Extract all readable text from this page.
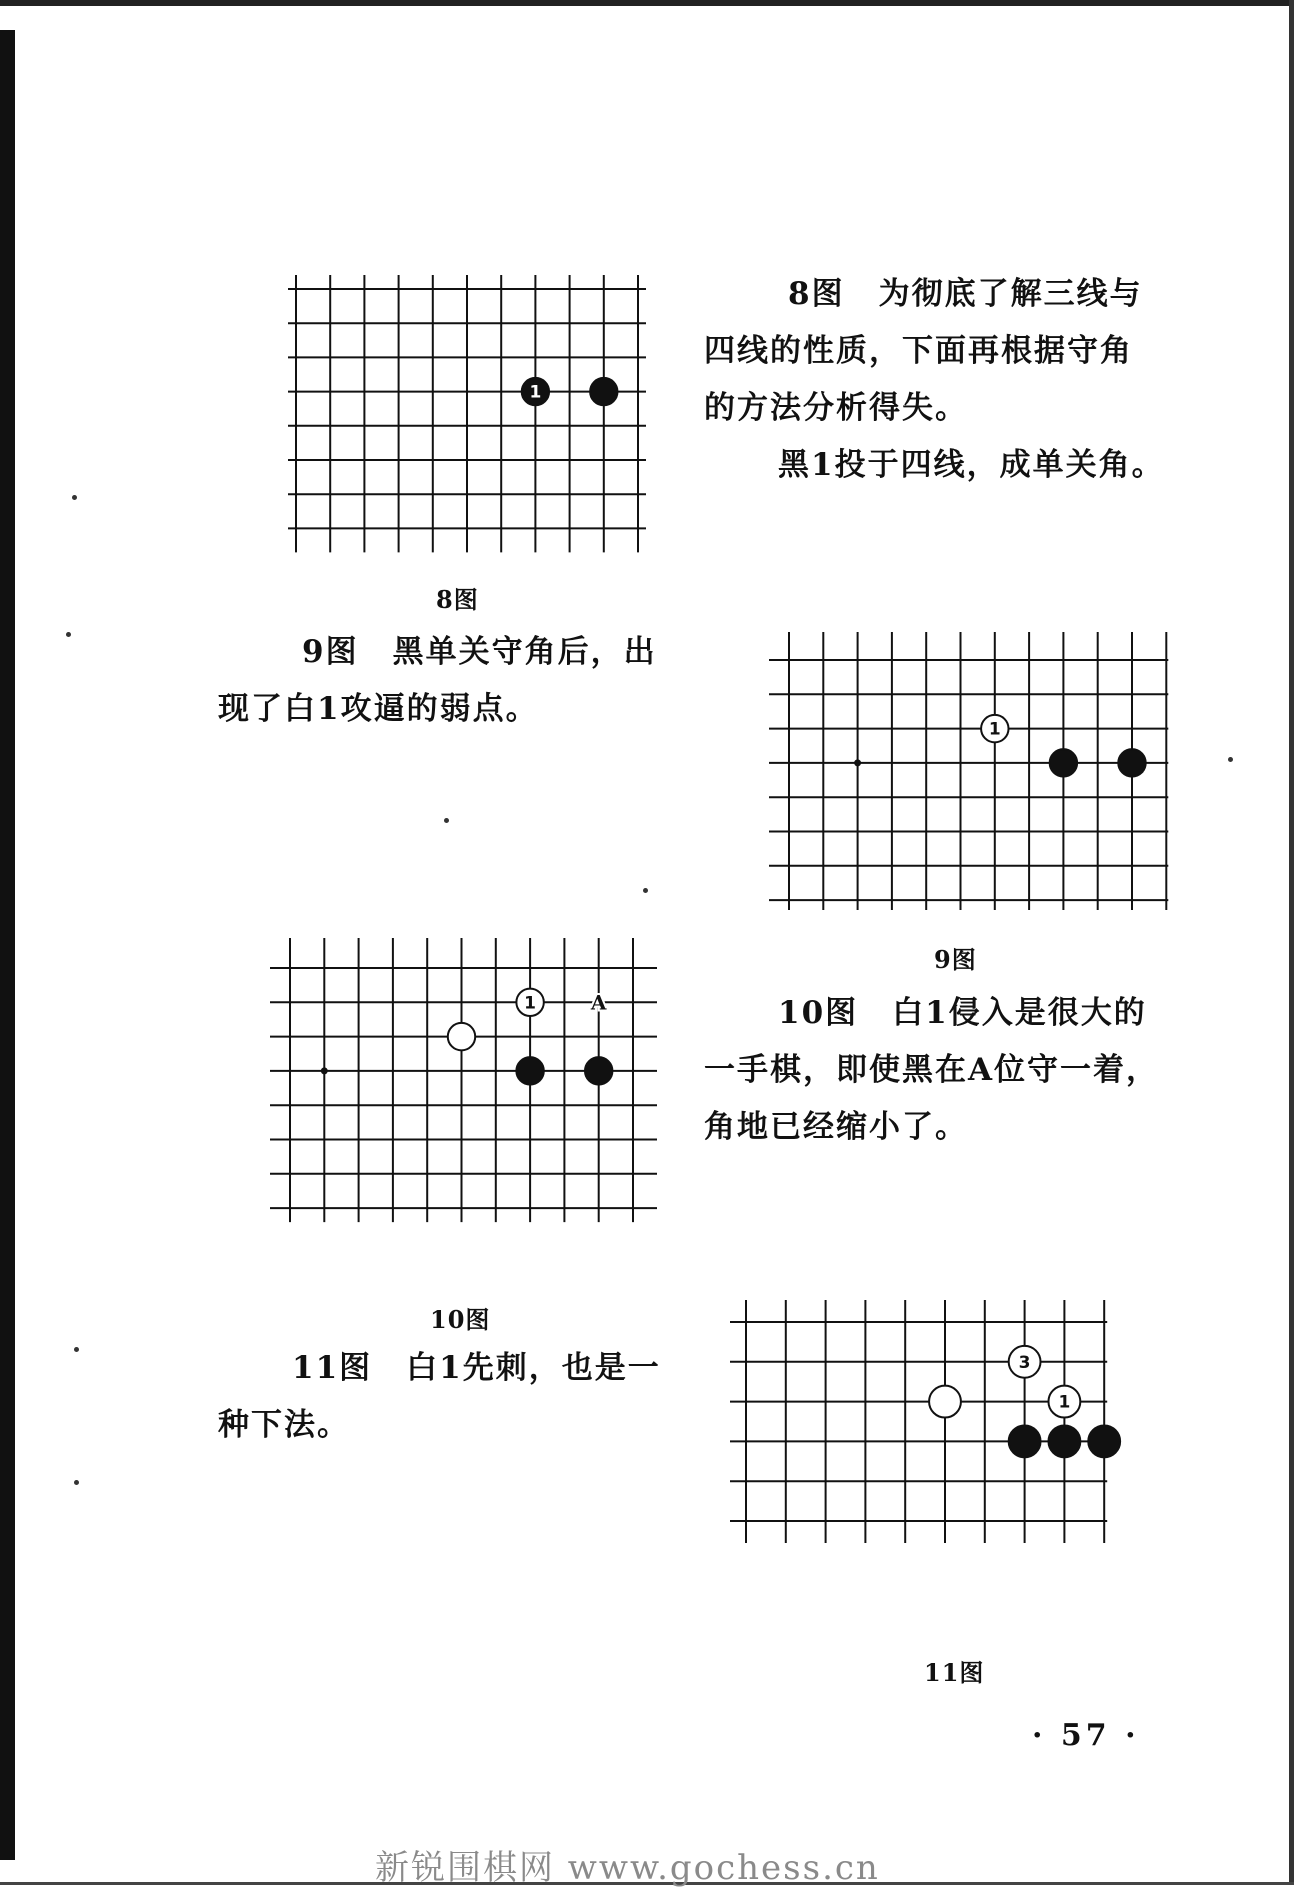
1
8图

8图 为彻底了解三线与

四线的性质，下面再根据守角

的方法分析得失。

黑1投于四线，成单关角。

1
9图

9图 黑单关守角后，出

现了白1攻逼的弱点。

A
1
10图

10图 白1侵入是很大的

一手棋，即使黑在A位守一着，

角地已经缩小了。

3
1
11图

11图 白1先刺，也是一

种下法。

· 57 ·
新锐围棋网 www.gochess.cn
